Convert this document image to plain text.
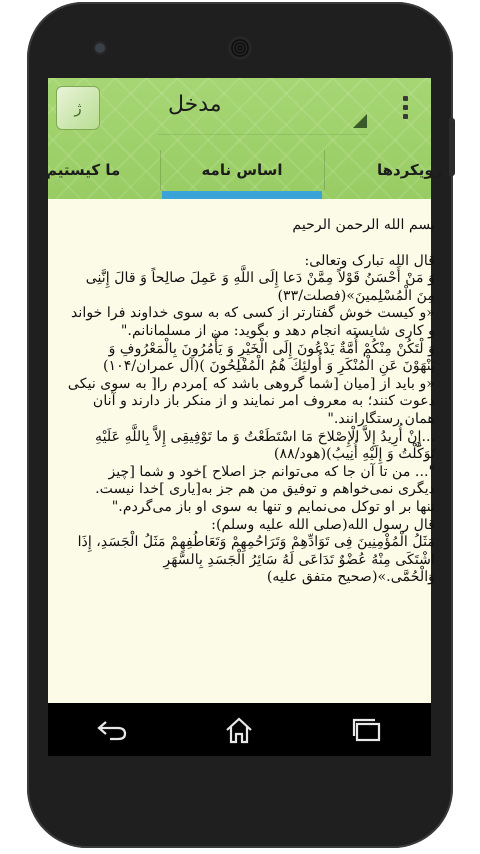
ژ	مدخل
ما کیستیم	اساس نامه	رویکردها
بسم الله الرحمن الرحیم
قال الله تبارک وتعالى:
وَ مَنْ أَحْسَنُ قَوْلاً مِمَّنْ دَعا إِلَى اللَّهِ وَ عَمِلَ صالِحاً وَ قالَ إِنَّنِی
مِنَ الْمُسْلِمینَ»(فصلت/۳۳)
«و کیست خوش گفتارتر از کسی که به سوی خداوند فرا خواند
و کاری شایسته انجام دهد و بگوید: من از مسلمانانم."
وَ لْتَكُنْ مِنْكُمْ أُمَّةٌ یَدْعُونَ إِلَى الْخَیْرِ وَ یَأْمُرُونَ بِالْمَعْرُوفِ وَ
یَنْهَوْنَ عَنِ الْمُنْكَرِ وَ أُولئِكَ هُمُ الْمُفْلِحُونَ )(آل عمران/۱۰۴)
«و باید از [میان [شما گروهی باشد که ]مردم را[ به سوی نیکی
دعوت کنند؛ به معروف امر نمایند و از منکر باز دارند و آنان
همان رستگارانند."
...إِنْ أُرِیدُ إِلاَّ الْإِصْلاحَ مَا اسْتَطَعْتُ وَ ما تَوْفِیقِی إِلاَّ بِاللَّهِ عَلَیْهِ
تَوَكَّلْتُ وَ إِلَیْهِ أُنِیبُ)(هود/۸۸)
"... من تا آن جا که می‌توانم جز اصلاح ]خود و شما [چیز
دیگری نمی‌خواهم و توفیق من هم جز به[یاری ]خدا نیست.
تنها بر او توکل می‌نمایم و تنها به سوی او باز می‌گردم."
قال رسول الله(صلى الله علیه وسلم):
مَثَلُ الْمُؤْمِنِینَ فِی تَوَادِّهِمْ وَتَرَاحُمِهِمْ وَتَعَاطُفِهِمْ مَثَلُ الْجَسَدِ، إِذَا
اشْتَكَى مِنْهُ عُضْوٌ تَدَاعَى لَهُ سَائِرُ الْجَسَدِ بِالسَّهَرِ
وَالْحُمَّى.»(صحیح متفق علیه)
